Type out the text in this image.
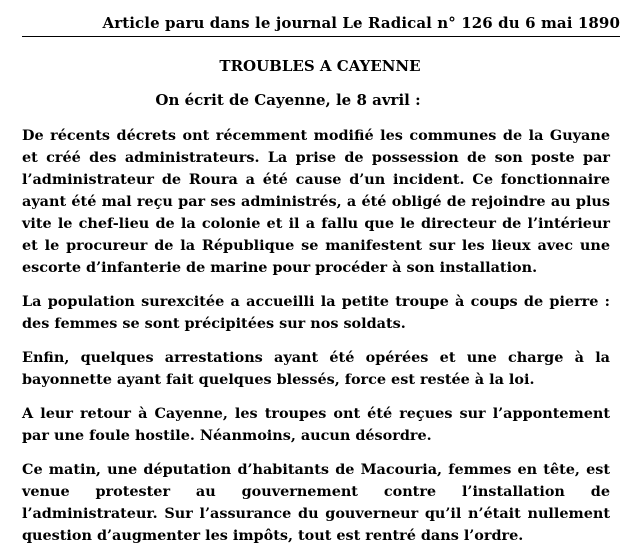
Article paru dans le journal Le Radical n° 126 du 6 mai 1890
TROUBLES A CAYENNE
On écrit de Cayenne, le 8 avril :

De récents décrets ont récemment modifié les communes de la Guyane et créé des administrateurs. La prise de possession de son poste par l’administrateur de Roura a été cause d’un incident. Ce fonctionnaire ayant été mal reçu par ses administrés, a été obligé de rejoindre au plus vite le chef-lieu de la colonie et il a fallu que le directeur de l’intérieur et le procureur de la République se manifestent sur les lieux avec une escorte d’infanterie de marine pour procéder à son installation.

La population surexcitée a accueilli la petite troupe à coups de pierre : des femmes se sont précipitées sur nos soldats.

Enfin, quelques arrestations ayant été opérées et une charge à la bayonnette ayant fait quelques blessés, force est restée à la loi.

A leur retour à Cayenne, les troupes ont été reçues sur l’appontement par une foule hostile. Néanmoins, aucun désordre.

Ce matin, une députation d’habitants de Macouria, femmes en tête, est venue protester au gouvernement contre l’installation de l’administrateur. Sur l’assurance du gouverneur qu’il n’était nullement question d’augmenter les impôts, tout est rentré dans l’ordre.
